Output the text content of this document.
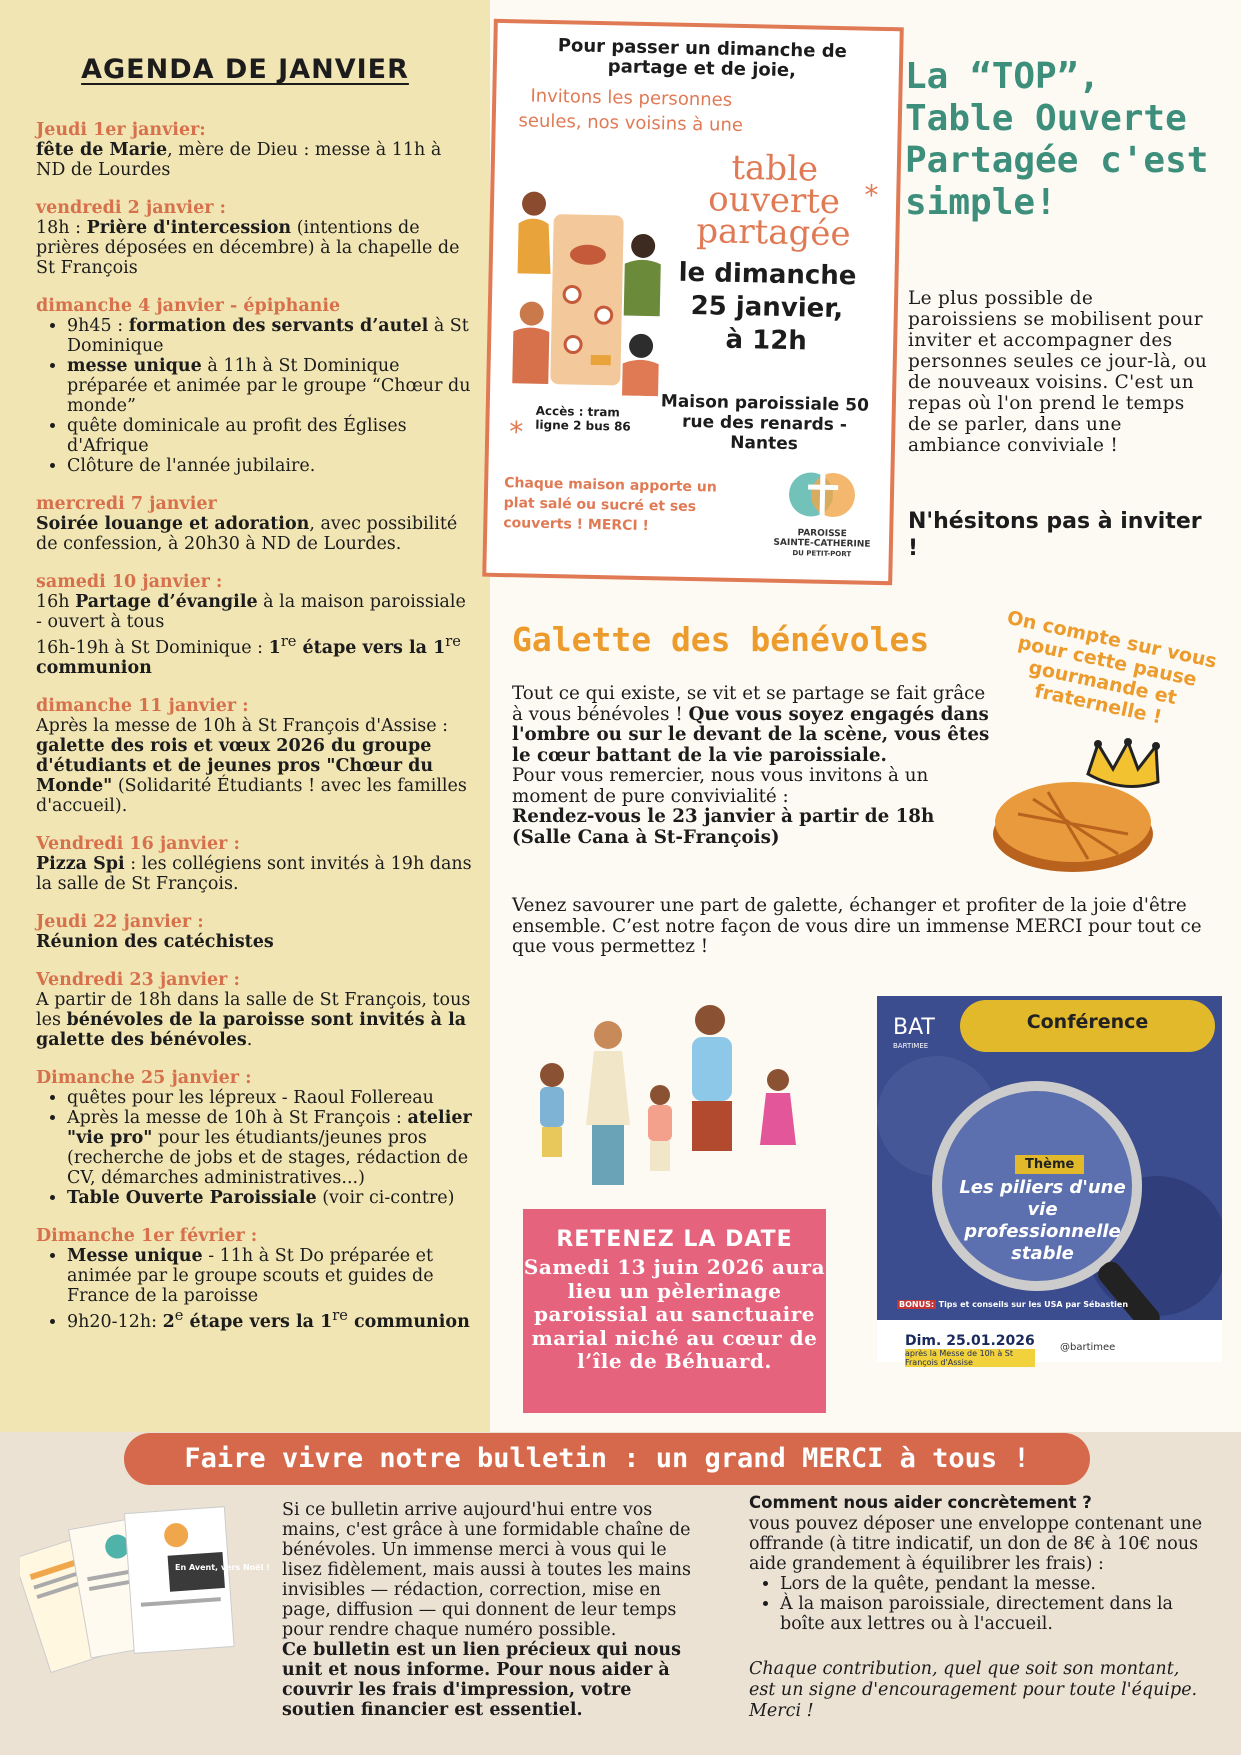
AGENDA DE JANVIER
Jeudi 1er janvier:
fête de Marie, mère de Dieu : messe à 11h à ND de Lourdes
vendredi 2 janvier :
18h : Prière d'intercession (intentions de prières déposées en décembre) à la chapelle de St François
dimanche 4 janvier - épiphanie
• 9h45 : formation des servants d’autel à St Dominique
• messe unique à 11h à St Dominique préparée et animée par le groupe “Chœur du monde”
• quête dominicale au profit des Églises d'Afrique
• Clôture de l'année jubilaire.
mercredi 7 janvier
Soirée louange et adoration, avec possibilité de confession, à 20h30 à ND de Lourdes.
samedi 10 janvier :
16h Partage d’évangile à la maison paroissiale - ouvert à tous
16h-19h à St Dominique : 1re étape vers la 1re communion
dimanche 11 janvier :
Après la messe de 10h à St François d'Assise : galette des rois et vœux 2026 du groupe d'étudiants et de jeunes pros "Chœur du Monde" (Solidarité Étudiants ! avec les familles d'accueil).
Vendredi 16 janvier :
Pizza Spi : les collégiens sont invités à 19h dans la salle de St François.
Jeudi 22 janvier :
Réunion des catéchistes
Vendredi 23 janvier :
A partir de 18h dans la salle de St François, tous les bénévoles de la paroisse sont invités à la galette des bénévoles.
Dimanche 25 janvier :
• quêtes pour les lépreux - Raoul Follereau
• Après la messe de 10h à St François : atelier "vie pro" pour les étudiants/jeunes pros (recherche de jobs et de stages, rédaction de CV, démarches administratives...)
• Table Ouverte Paroissiale (voir ci-contre)
Dimanche 1er février :
• Messe unique - 11h à St Do préparée et animée par le groupe scouts et guides de France de la paroisse
• 9h20-12h: 2e étape vers la 1re communion
Pour passer un dimanche de partage et de joie,
Invitons les personnes seules, nos voisins à une
table ouverte partagée
*
*
le dimanche
25 janvier,
à 12h
Accès : tram ligne 2 bus 86
Maison paroissiale 50 rue des renards - Nantes
Chaque maison apporte un plat salé ou sucré et ses couverts ! MERCI !	PAROISSE
SAINTE-CATHERINE
DU PETIT-PORT
La “TOP”, Table Ouverte Partagée c'est simple!
Le plus possible de paroissiens se mobilisent pour inviter et accompagner des personnes seules ce jour-là, ou de nouveaux voisins. C'est un repas où l'on prend le temps de se parler, dans une ambiance conviviale !
N'hésitons pas à inviter !
Galette des bénévoles	On compte sur vous pour cette pause gourmande et fraternelle !
Tout ce qui existe, se vit et se partage se fait grâce à vous bénévoles ! Que vous soyez engagés dans l'ombre ou sur le devant de la scène, vous êtes le cœur battant de la vie paroissiale.
Pour vous remercier, nous vous invitons à un moment de pure convivialité :
Rendez-vous le 23 janvier à partir de 18h (Salle Cana à St-François)
Venez savourer une part de galette, échanger et profiter de la joie d'être ensemble. C’est notre façon de vous dire un immense MERCI pour tout ce que vous permettez !
RETENEZ LA DATE
Samedi 13 juin 2026 aura lieu un pèlerinage paroissial au sanctuaire marial niché au cœur de l’île de Béhuard.
BAT
BARTIMEE
Conférence
Thème
Les piliers d'une vie professionnelle stable
BONUS: Tips et conseils sur les USA par Sébastien
Dim. 25.01.2026
après la Messe de 10h à St François d'Assise
@bartimee
Faire vivre notre bulletin : un grand MERCI à tous !
En Avent, vers Noël !
Si ce bulletin arrive aujourd'hui entre vos mains, c'est grâce à une formidable chaîne de bénévoles. Un immense merci à vous qui le lisez fidèlement, mais aussi à toutes les mains invisibles — rédaction, correction, mise en page, diffusion — qui donnent de leur temps pour rendre chaque numéro possible.
Ce bulletin est un lien précieux qui nous unit et nous informe. Pour nous aider à couvrir les frais d'impression, votre soutien financier est essentiel.
Comment nous aider concrètement ?
vous pouvez déposer une enveloppe contenant une offrande (à titre indicatif, un don de 8€ à 10€ nous aide grandement à équilibrer les frais) :
• Lors de la quête, pendant la messe.
• À la maison paroissiale, directement dans la boîte aux lettres ou à l'accueil.
Chaque contribution, quel que soit son montant, est un signe d'encouragement pour toute l'équipe. Merci !
